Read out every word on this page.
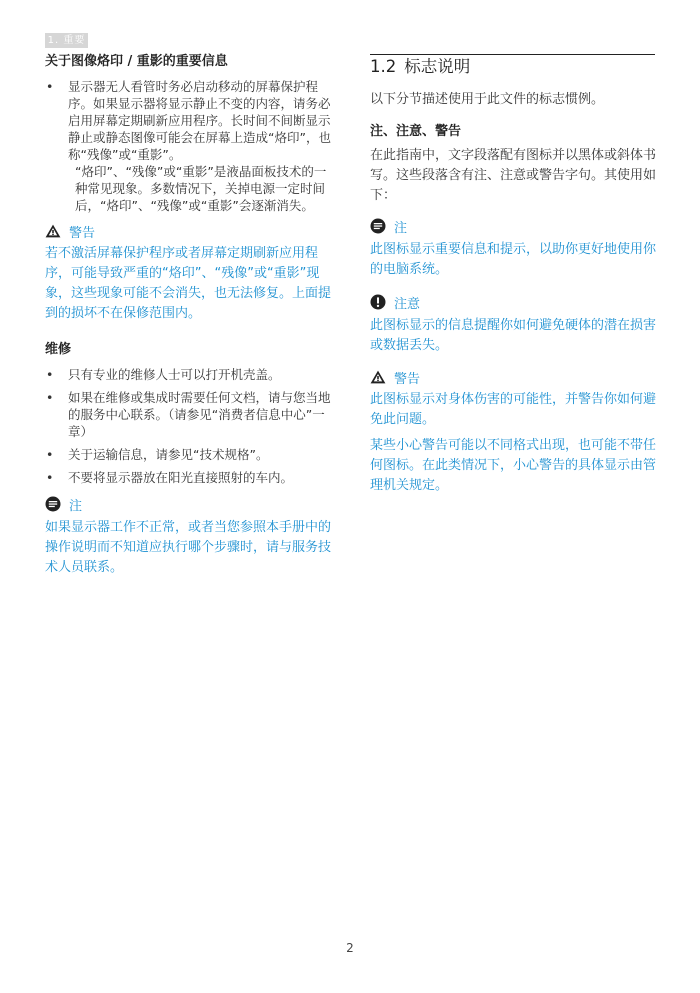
1. 重要

关于图像烙印 / 重影的重要信息

• 显示器无人看管时务必启动移动的屏幕保护程序。如果显示器将显示静止不变的内容，请务必启用屏幕定期刷新应用程序。长时间不间断显示静止或静态图像可能会在屏幕上造成“烙印”，也称“残像”或“重影”。
“烙印”、“残像”或“重影”是液晶面板技术的一种常见现象。多数情况下，关掉电源一定时间后，“烙印”、“残像”或“重影”会逐渐消失。
警告
若不激活屏幕保护程序或者屏幕定期刷新应用程序，可能导致严重的“烙印”、“残像”或“重影”现象，这些现象可能不会消失，也无法修复。上面提到的损坏不在保修范围内。

维修

• 只有专业的维修人士可以打开机壳盖。
• 如果在维修或集成时需要任何文档，请与您当地的服务中心联系。（请参见“消费者信息中心”一章）
• 关于运输信息，请参见“技术规格”。
• 不要将显示器放在阳光直接照射的车内。
注
如果显示器工作不正常，或者当您参照本手册中的操作说明而不知道应执行哪个步骤时，请与服务技术人员联系。
1.2 标志说明
以下分节描述使用于此文件的标志惯例。
注、注意、警告
在此指南中，文字段落配有图标并以黑体或斜体书写。这些段落含有注、注意或警告字句。其使用如下：
注
此图标显示重要信息和提示，以助你更好地使用你的电脑系统。
注意
此图标显示的信息提醒你如何避免硬体的潜在损害或数据丢失。
警告
此图标显示对身体伤害的可能性，并警告你如何避免此问题。
某些小心警告可能以不同格式出现，也可能不带任何图标。在此类情况下，小心警告的具体显示由管理机关规定。
2
